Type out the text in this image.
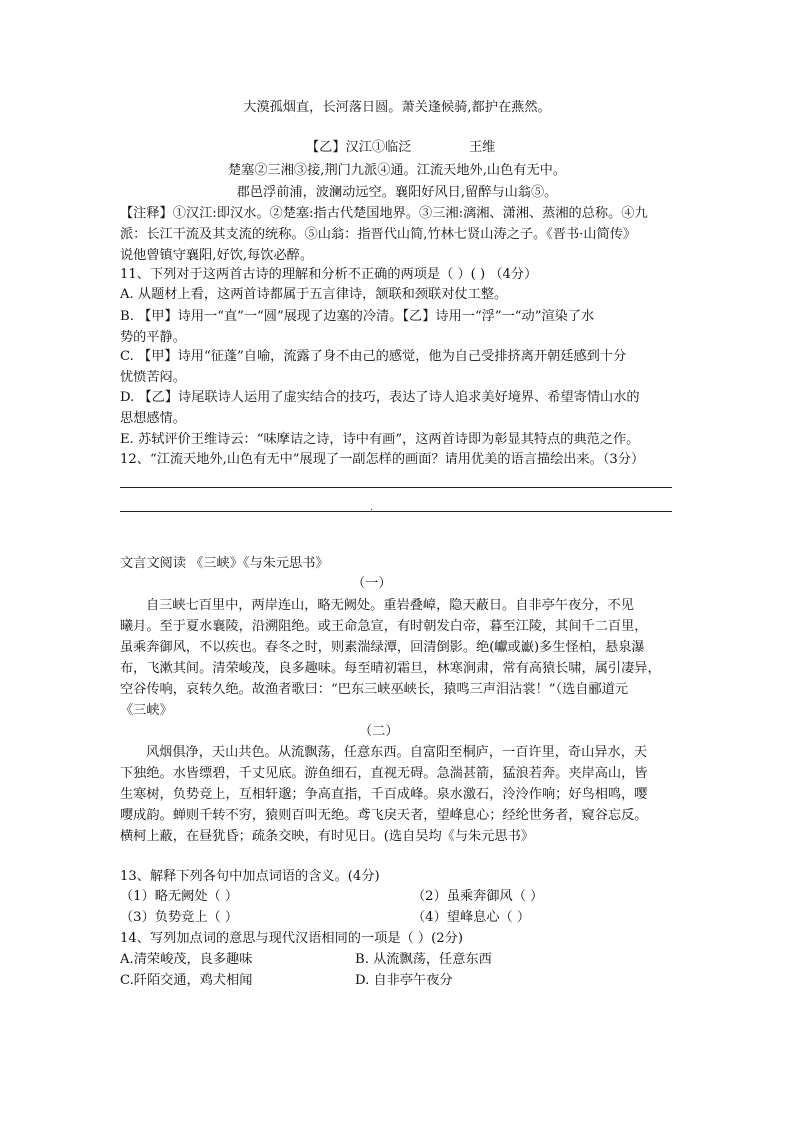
大漠孤烟直，长河落日圆。萧关逢候骑,都护在燕然。
【乙】汉江①临泛	王维
楚塞②三湘③接,荆门九派④通。江流天地外,山色有无中。
郡邑浮前浦，波澜动远空。襄阳好风日,留醉与山翁⑤。
【注释】①汉江:即汉水。②楚塞:指古代楚国地界。③三湘:漓湘、潇湘、蒸湘的总称。④九
派：长江干流及其支流的统称。⑤山翁：指晋代山简,竹林七贤山涛之子。《晋书·山简传》
说他曾镇守襄阳,好饮,每饮必醉。
11、下列对于这两首古诗的理解和分析不正确的两项是（ ）( ) （4分）
A. 从题材上看，这两首诗都属于五言律诗，颔联和颈联对仗工整。
B. 【甲】诗用一“直”一“圆”展现了边塞的冷清。【乙】诗用一“浮”一“动”渲染了水
势的平静。
C. 【甲】诗用“征蓬”自喻，流露了身不由己的感觉，他为自己受排挤离开朝廷感到十分
忧愤苦闷。
D. 【乙】诗尾联诗人运用了虚实结合的技巧，表达了诗人追求美好境界、希望寄情山水的
思想感情。
E. 苏轼评价王维诗云：“味摩诘之诗，诗中有画”，这两首诗即为彰显其特点的典范之作。
12、“江流天地外,山色有无中”展现了一副怎样的画面？请用优美的语言描绘出来。（3分）
.
文言文阅读 《三峡》《与朱元思书》
（一）
自三峡七百里中，两岸连山，略无阙处。重岩叠嶂，隐天蔽日。自非亭午夜分，不见
曦月。至于夏水襄陵，沿溯阻绝。或王命急宣，有时朝发白帝，暮至江陵，其间千二百里，
虽乘奔御风，不以疾也。春冬之时，则素湍绿潭，回清倒影。绝(巘或巚)多生怪柏，悬泉瀑
布，飞漱其间。清荣峻茂，良多趣味。每至晴初霜旦，林寒涧肃，常有高猿长啸，属引凄异，
空谷传响，哀转久绝。故渔者歌曰：“巴东三峡巫峡长，猿鸣三声泪沾裳！”（选自郦道元
《三峡》
（二）
风烟俱净，天山共色。从流飘荡，任意东西。自富阳至桐庐，一百许里，奇山异水，天
下独绝。水皆缥碧，千丈见底。游鱼细石，直视无碍。急湍甚箭，猛浪若奔。夹岸高山，皆
生寒树，负势竞上，互相轩邈；争高直指，千百成峰。泉水激石，泠泠作响；好鸟相鸣，嘤
嘤成韵。蝉则千转不穷，猿则百叫无绝。鸢飞戾天者，望峰息心；经纶世务者，窥谷忘反。
横柯上蔽，在昼犹昏；疏条交映，有时见日。(选自吴均《与朱元思书》
13、解释下列各句中加点词语的含义。(4分)
（1）略无阙处（ ）	（2）虽乘奔御风（ ）
（3）负势竞上（ ）	（4）望峰息心（ ）
14、写列加点词的意思与现代汉语相同的一项是（ ）(2分)
A.清荣峻茂，良多趣味	B. 从流飘荡，任意东西
C.阡陌交通，鸡犬相闻	D. 自非亭午夜分
